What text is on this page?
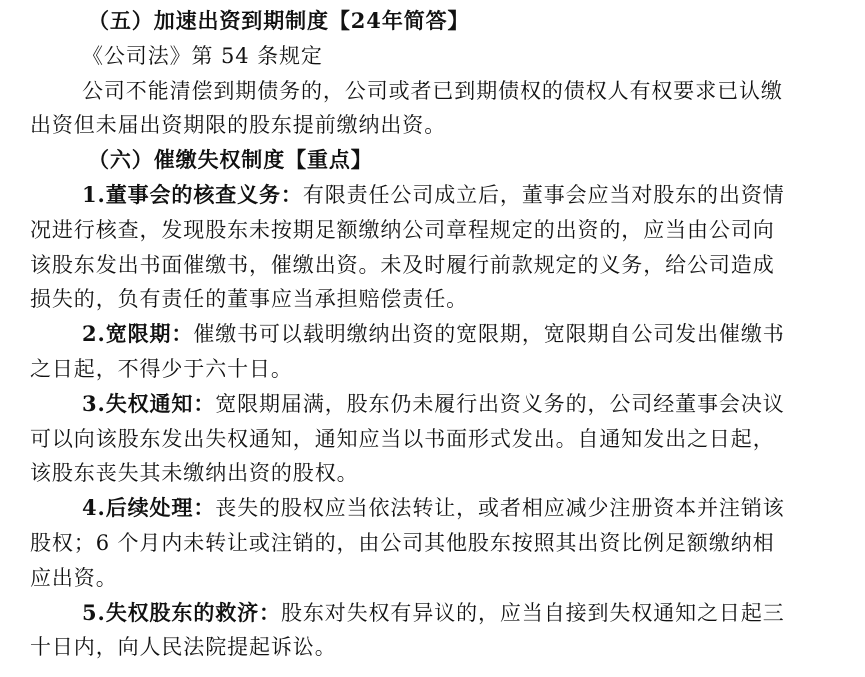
（五）加速出资到期制度【24年简答】
《公司法》第 54 条规定
公司不能清偿到期债务的，公司或者已到期债权的债权人有权要求已认缴
出资但未届出资期限的股东提前缴纳出资。
（六）催缴失权制度【重点】
1.董事会的核查义务：有限责任公司成立后，董事会应当对股东的出资情
况进行核查，发现股东未按期足额缴纳公司章程规定的出资的，应当由公司向
该股东发出书面催缴书，催缴出资。未及时履行前款规定的义务，给公司造成
损失的，负有责任的董事应当承担赔偿责任。
2.宽限期：催缴书可以载明缴纳出资的宽限期，宽限期自公司发出催缴书
之日起，不得少于六十日。
3.失权通知：宽限期届满，股东仍未履行出资义务的，公司经董事会决议
可以向该股东发出失权通知，通知应当以书面形式发出。自通知发出之日起，
该股东丧失其未缴纳出资的股权。
4.后续处理：丧失的股权应当依法转让，或者相应减少注册资本并注销该
股权；6 个月内未转让或注销的，由公司其他股东按照其出资比例足额缴纳相
应出资。
5.失权股东的救济：股东对失权有异议的，应当自接到失权通知之日起三
十日内，向人民法院提起诉讼。
